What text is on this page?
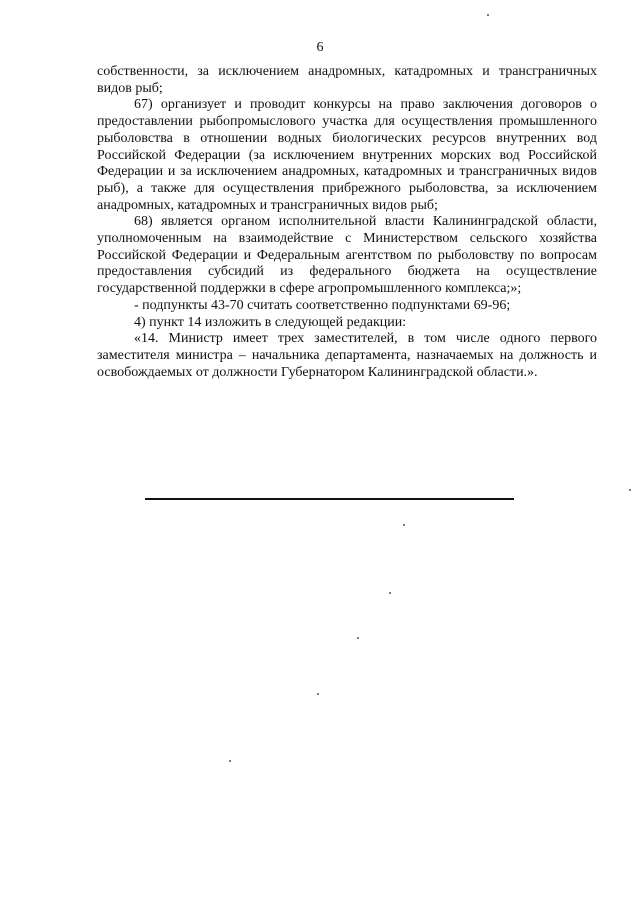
6

собственности, за исключением анадромных, катадромных и трансграничных видов рыб;

67) организует и проводит конкурсы на право заключения договоров о предоставлении рыбопромыслового участка для осуществления промышленного рыболовства в отношении водных биологических ресурсов внутренних вод Российской Федерации (за исключением внутренних морских вод Российской Федерации и за исключением анадромных, катадромных и трансграничных видов рыб), а также для осуществления прибрежного рыболовства, за исключением анадромных, катадромных и трансграничных видов рыб;

68) является органом исполнительной власти Калининградской области, уполномоченным на взаимодействие с Министерством сельского хозяйства Российской Федерации и Федеральным агентством по рыболовству по вопросам предоставления субсидий из федерального бюджета на осуществление государственной поддержки в сфере агропромышленного комплекса;»;

- подпункты 43-70 считать соответственно подпунктами 69-96;

4) пункт 14 изложить в следующей редакции:

«14. Министр имеет трех заместителей, в том числе одного первого заместителя министра – начальника департамента, назначаемых на должность и освобождаемых от должности Губернатором Калининградской области.».
